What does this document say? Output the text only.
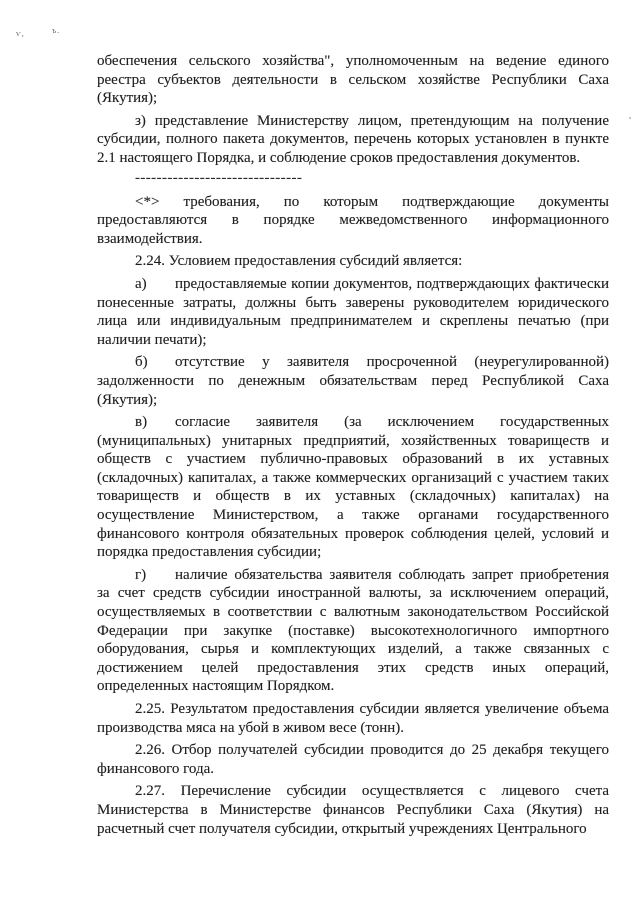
ѵ,	ъ.

обеспечения сельского хозяйства", уполномоченным на ведение единого реестра субъектов деятельности в сельском хозяйстве Республики Саха (Якутия);

з) представление Министерству лицом, претендующим на получение субсидии, полного пакета документов, перечень которых установлен в пункте 2.1 настоящего Порядка, и соблюдение сроков предоставления документов.

-------------------------------

<*> требования, по которым подтверждающие документы предоставляются в порядке межведомственного информационного взаимодействия.

2.24. Условием предоставления субсидий является:

а) предоставляемые копии документов, подтверждающих фактически понесенные затраты, должны быть заверены руководителем юридического лица или индивидуальным предпринимателем и скреплены печатью (при наличии печати);

б) отсутствие у заявителя просроченной (неурегулированной) задолженности по денежным обязательствам перед Республикой Саха (Якутия);

в) согласие заявителя (за исключением государственных (муниципальных) унитарных предприятий, хозяйственных товариществ и обществ с участием публично-правовых образований в их уставных (складочных) капиталах, а также коммерческих организаций с участием таких товариществ и обществ в их уставных (складочных) капиталах) на осуществление Министерством, а также органами государственного финансового контроля обязательных проверок соблюдения целей, условий и порядка предоставления субсидии;

г) наличие обязательства заявителя соблюдать запрет приобретения за счет средств субсидии иностранной валюты, за исключением операций, осуществляемых в соответствии с валютным законодательством Российской Федерации при закупке (поставке) высокотехнологичного импортного оборудования, сырья и комплектующих изделий, а также связанных с достижением целей предоставления этих средств иных операций, определенных настоящим Порядком.

2.25. Результатом предоставления субсидии является увеличение объема производства мяса на убой в живом весе (тонн).

2.26. Отбор получателей субсидии проводится до 25 декабря текущего финансового года.

2.27. Перечисление субсидии осуществляется с лицевого счета Министерства в Министерстве финансов Республики Саха (Якутия) на расчетный счет получателя субсидии, открытый учреждениях Центрального
